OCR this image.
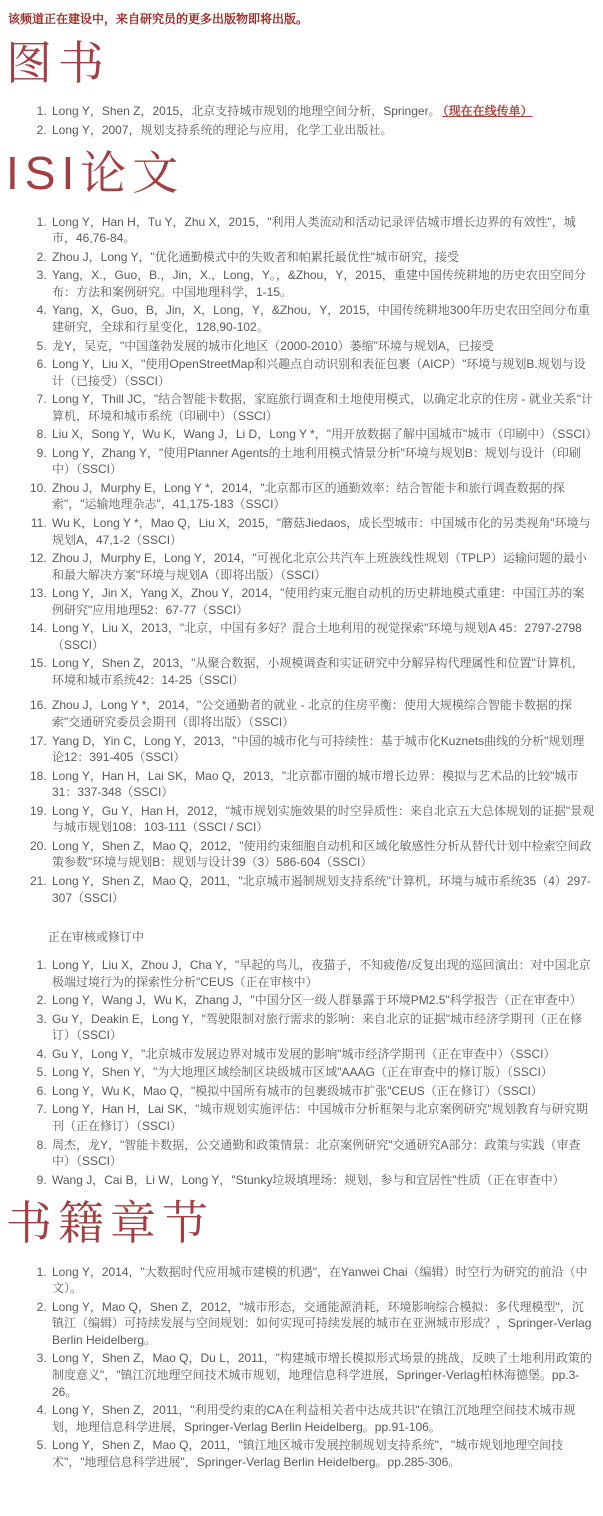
该频道正在建设中，来自研究员的更多出版物即将出版。

图书
1. Long Y，Shen Z，2015，北京支持城市规划的地理空间分析，Springer。 （现在在线传单）
2. Long Y，2007，规划支持系统的理论与应用，化学工业出版社。
ISI论文
1. Long Y，Han H，Tu Y，Zhu X，2015，"利用人类流动和活动记录评估城市增长边界的有效性"，城市，46,76-84。
2. Zhou J，Long Y，"优化通勤模式中的失败者和帕累托最优性"城市研究，接受
3. Yang，X.，Guo，B.，Jin，X.，Long，Y。，&Zhou，Y，2015，重建中国传统耕地的历史农田空间分布：方法和案例研究。中国地理科学，1-15。
4. Yang，X，Guo，B，Jin，X，Long，Y，&Zhou，Y，2015，中国传统耕地300年历史农田空间分布重建研究，全球和行星变化，128,90-102。
5. 龙Y，吴克，"中国蓬勃发展的城市化地区（2000-2010）萎缩"环境与规划A，已接受
6. Long Y，Liu X，"使用OpenStreetMap和兴趣点自动识别和表征包裹（AICP）"环境与规划B.规划与设计（已接受）（SSCI）
7. Long Y，Thill JC，"结合智能卡数据，家庭旅行调查和土地使用模式，以确定北京的住房 - 就业关系"计算机，环境和城市系统（印刷中）（SSCI）
8. Liu X，Song Y，Wu K，Wang J，Li D，Long Y *，"用开放数据了解中国城市"城市（印刷中）（SSCI）
9. Long Y，Zhang Y，"使用Planner Agents的土地利用模式情景分析"环境与规划B：规划与设计（印刷中）（SSCI）
10. Zhou J，Murphy E，Long Y *，2014，"北京都市区的通勤效率：结合智能卡和旅行调查数据的探索"，"运输地理杂志"，41,175-183（SSCI）
11. Wu K，Long Y *，Mao Q，Liu X，2015，"蘑菇Jiedaos，成长型城市：中国城市化的另类视角"环境与规划A，47,1-2（SSCI）
12. Zhou J，Murphy E，Long Y，2014，"可视化北京公共汽车上班族线性规划（TPLP）运输问题的最小和最大解决方案"环境与规划A（即将出版）（SSCI）
13. Long Y，Jin X，Yang X，Zhou Y，2014，"使用约束元胞自动机的历史耕地模式重建：中国江苏的案例研究"应用地理52：67-77（SSCI）
14. Long Y，Liu X，2013，"北京，中国有多好？混合土地利用的视觉探索"环境与规划A 45：2797-2798（SSCI）
15. Long Y，Shen Z，2013，"从聚合数据，小规模调查和实证研究中分解异构代理属性和位置"计算机，环境和城市系统42：14-25（SSCI）
16. Zhou J，Long Y *，2014，"公交通勤者的就业 - 北京的住房平衡：使用大规模综合智能卡数据的探索"交通研究委员会期刊（即将出版）（SSCI）
17. Yang D，Yin C，Long Y，2013，"中国的城市化与可持续性：基于城市化Kuznets曲线的分析"规划理论12：391-405（SSCI）
18. Long Y，Han H，Lai SK，Mao Q，2013，"北京都市圈的城市增长边界：模拟与艺术品的比较"城市31：337-348（SSCI）
19. Long Y，Gu Y，Han H，2012，"城市规划实施效果的时空异质性：来自北京五大总体规划的证据"景观与城市规划108：103-111（SSCI / SCI）
20. Long Y，Shen Z，Mao Q，2012，"使用约束细胞自动机和区域化敏感性分析从替代计划中检索空间政策参数"环境与规划B：规划与设计39（3）586-604（SSCI）
21. Long Y，Shen Z，Mao Q，2011，"北京城市遏制规划支持系统"计算机，环境与城市系统35（4）297-307（SSCI）

正在审核或修订中

1. Long Y，Liu X，Zhou J，Cha Y，"早起的鸟儿，夜猫子，不知疲倦/反复出现的巡回演出：对中国北京极端过境行为的探索性分析"CEUS（正在审核中）
2. Long Y，Wang J，Wu K，Zhang J，"中国分区一级人群暴露于环境PM2.5"科学报告（正在审查中）
3. Gu Y，Deakin E，Long Y，"驾驶限制对旅行需求的影响：来自北京的证据"城市经济学期刊（正在修订）（SSCI）
4. Gu Y，Long Y，"北京城市发展边界对城市发展的影响"城市经济学期刊（正在审查中）（SSCI）
5. Long Y，Shen Y，"为大地理区域绘制区块级城市区域"AAAG（正在审查中的修订版）（SSCI）
6. Long Y，Wu K，Mao Q，"模拟中国所有城市的包裹级城市扩张"CEUS（正在修订）（SSCI）
7. Long Y，Han H，Lai SK，"城市规划实施评估：中国城市分析框架与北京案例研究"规划教育与研究期刊（正在修订）（SSCI）
8. 周杰，龙Y，"智能卡数据，公交通勤和政策情景：北京案例研究"交通研究A部分：政策与实践（审查中）（SSCI）
9. Wang J，Cai B，Li W，Long Y，"Stunky垃圾填埋场：规划，参与和宜居性"性质（正在审查中）
书籍章节
1. Long Y，2014，"大数据时代应用城市建模的机遇"，在Yanwei Chai（编辑）时空行为研究的前沿（中文）。
2. Long Y，Mao Q，Shen Z，2012，"城市形态，交通能源消耗，环境影响综合模拟：多代理模型"，沉镇江（编辑）可持续发展与空间规划：如何实现可持续发展的城市在亚洲城市形成？，Springer-Verlag Berlin Heidelberg。
3. Long Y，Shen Z，Mao Q，Du L，2011，"构建城市增长模拟形式场景的挑战，反映了土地利用政策的制度意义"，"镇江沉地理空间技术城市规划，地理信息科学进展，Springer-Verlag柏林海德堡。pp.3-26。
4. Long Y，Shen Z，2011，"利用受约束的CA在利益相关者中达成共识"在镇江沉地理空间技术城市规划，地理信息科学进展，Springer-Verlag Berlin Heidelberg。pp.91-106。
5. Long Y，Shen Z，Mao Q，2011，"镇江地区城市发展控制规划支持系统"，"城市规划地理空间技术"，"地理信息科学进展"，Springer-Verlag Berlin Heidelberg。pp.285-306。
